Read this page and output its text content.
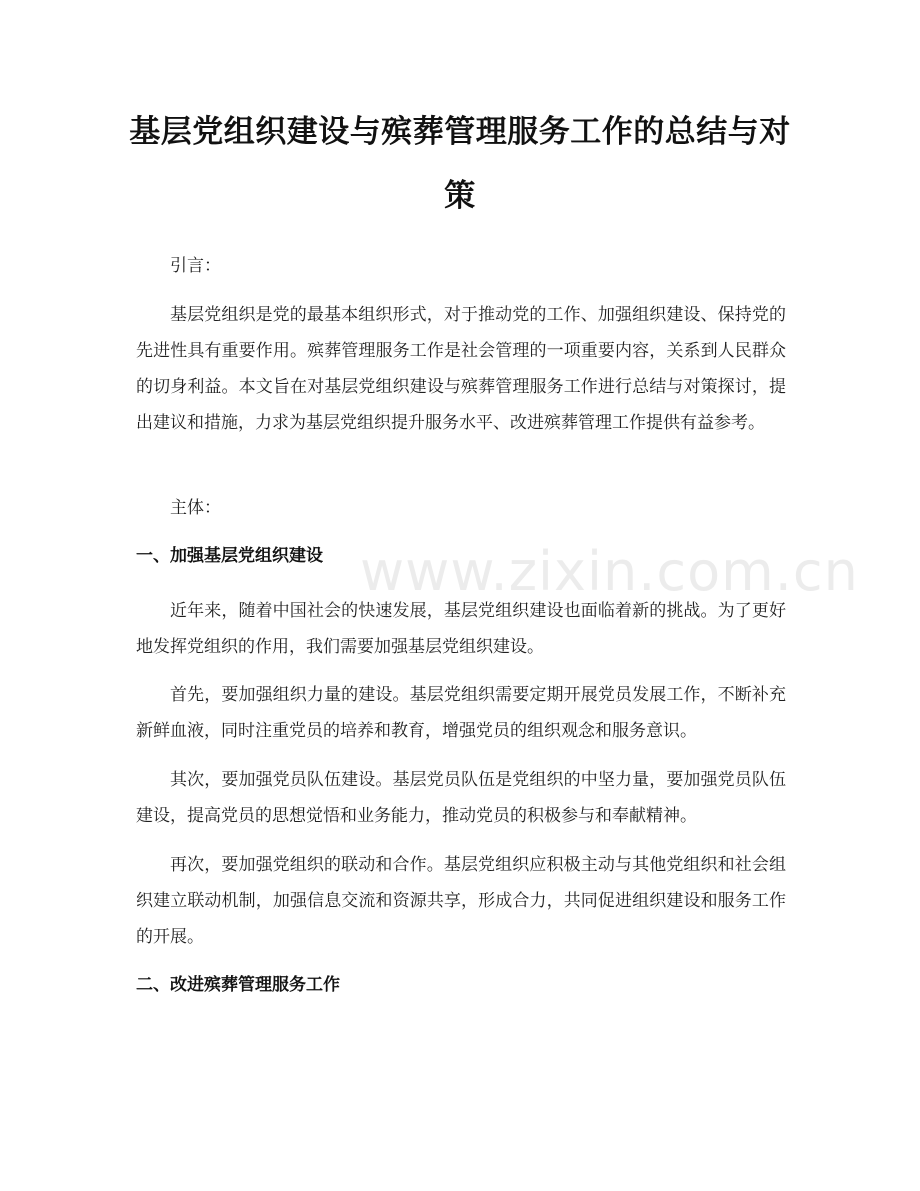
基层党组织建设与殡葬管理服务工作的总结与对策

引言：

基层党组织是党的最基本组织形式，对于推动党的工作、加强组织建设、保持党的先进性具有重要作用。殡葬管理服务工作是社会管理的一项重要内容，关系到人民群众的切身利益。本文旨在对基层党组织建设与殡葬管理服务工作进行总结与对策探讨，提出建议和措施，力求为基层党组织提升服务水平、改进殡葬管理工作提供有益参考。

主体：

一、加强基层党组织建设

近年来，随着中国社会的快速发展，基层党组织建设也面临着新的挑战。为了更好地发挥党组织的作用，我们需要加强基层党组织建设。

首先，要加强组织力量的建设。基层党组织需要定期开展党员发展工作，不断补充新鲜血液，同时注重党员的培养和教育，增强党员的组织观念和服务意识。

其次，要加强党员队伍建设。基层党员队伍是党组织的中坚力量，要加强党员队伍建设，提高党员的思想觉悟和业务能力，推动党员的积极参与和奉献精神。

再次，要加强党组织的联动和合作。基层党组织应积极主动与其他党组织和社会组织建立联动机制，加强信息交流和资源共享，形成合力，共同促进组织建设和服务工作的开展。

二、改进殡葬管理服务工作
www.zixin.com.cn
